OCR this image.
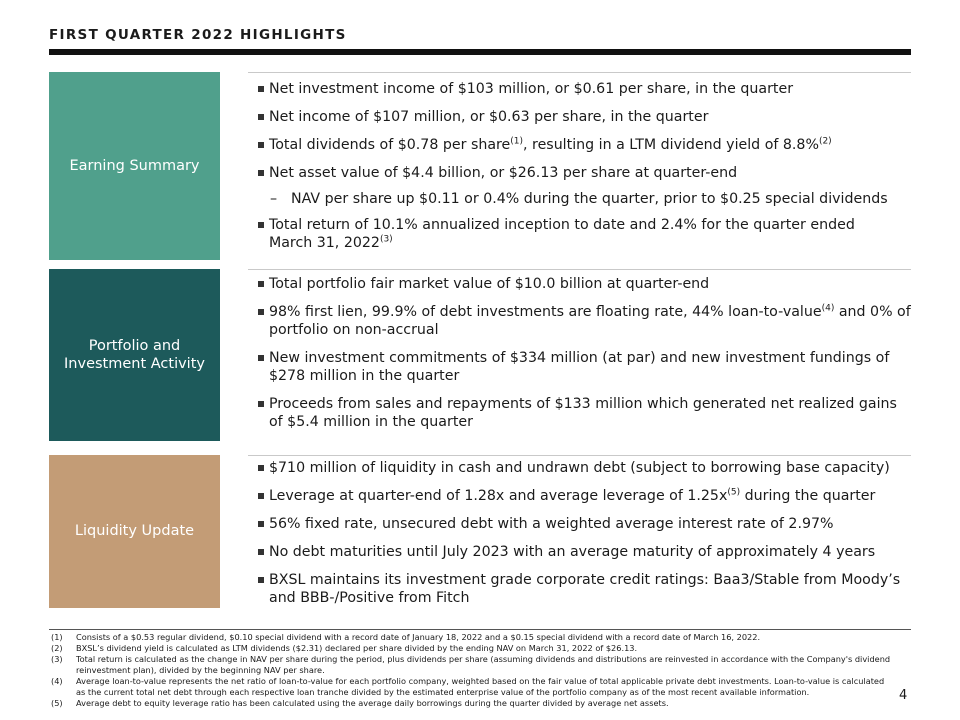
FIRST QUARTER 2022 HIGHLIGHTS
Earning Summary
Net investment income of $103 million, or $0.61 per share, in the quarter
Net income of $107 million, or $0.63 per share, in the quarter
Total dividends of $0.78 per share$^{(1)}$, resulting in a LTM dividend yield of 8.8%$^{(2)}$
Net asset value of $4.4 billion, or $26.13 per share at quarter-end
– NAV per share up $0.11 or 0.4% during the quarter, prior to $0.25 special dividends
Total return of 10.1% annualized inception to date and 2.4% for the quarter ended
March 31, 2022$^{(3)}$
Portfolio and
Investment Activity
Total portfolio fair market value of $10.0 billion at quarter-end
98% first lien, 99.9% of debt investments are floating rate, 44% loan-to-value$^{(4)}$ and 0% of
portfolio on non-accrual
New investment commitments of $334 million (at par) and new investment fundings of
$278 million in the quarter
Proceeds from sales and repayments of $133 million which generated net realized gains
of $5.4 million in the quarter
Liquidity Update
$710 million of liquidity in cash and undrawn debt (subject to borrowing base capacity)
Leverage at quarter-end of 1.28x and average leverage of $1.25x^{(5)}$ during the quarter
56% fixed rate, unsecured debt with a weighted average interest rate of 2.97%
No debt maturities until July 2023 with an average maturity of approximately 4 years
BXSL maintains its investment grade corporate credit ratings: Baa3/Stable from Moody’s
and BBB-/Positive from Fitch
(1) Consists of a $0.53 regular dividend, $0.10 special dividend with a record date of January 18, 2022 and a $0.15 special dividend with a record date of March 16, 2022.
(2) BXSL’s dividend yield is calculated as LTM dividends ($2.31) declared per share divided by the ending NAV on March 31, 2022 of $26.13.
(3) Total return is calculated as the change in NAV per share during the period, plus dividends per share (assuming dividends and distributions are reinvested in accordance with the Company's dividend
reinvestment plan), divided by the beginning NAV per share.
(4) Average loan-to-value represents the net ratio of loan-to-value for each portfolio company, weighted based on the fair value of total applicable private debt investments. Loan-to-value is calculated
as the current total net debt through each respective loan tranche divided by the estimated enterprise value of the portfolio company as of the most recent available information.
(5) Average debt to equity leverage ratio has been calculated using the average daily borrowings during the quarter divided by average net assets.	4
